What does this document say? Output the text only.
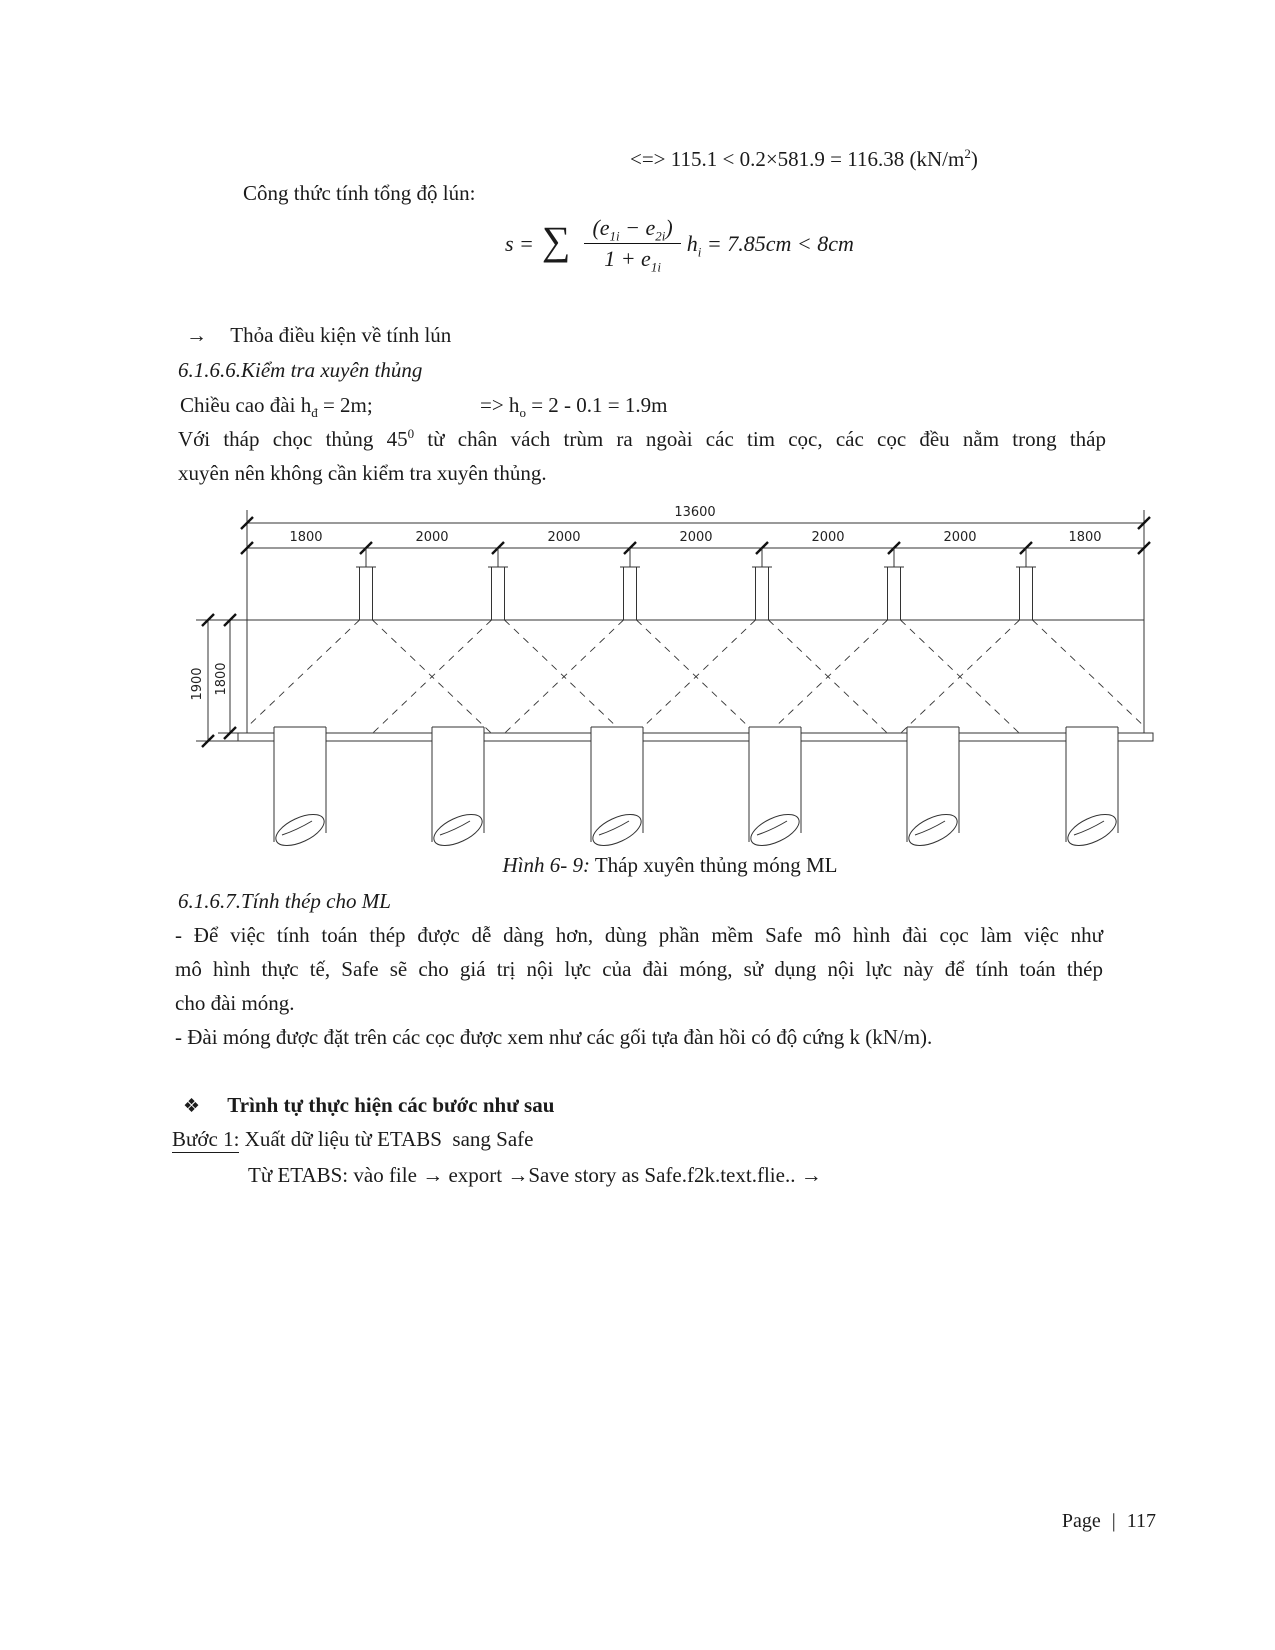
<=> 115.1 < 0.2×581.9 = 116.38 $(kN/m^2)$
Công thức tính tổng độ lún:
s = ∑ $\frac{(e_{1i} - e_{2i})}{1 + e_{1i}} h_i = 7.85cm < 8cm$
→ Thỏa điều kiện về tính lún
6.1.6.6.Kiểm tra xuyên thủng
Chiều cao đài $h_đ = 2m$;	=> $h_o = 2 - 0.1 = 1.9m$
Với tháp chọc thủng $45^0$ từ chân vách trùm ra ngoài các tim cọc, các cọc đều nằm trong tháp
xuyên nên không cần kiểm tra xuyên thủng.
13600
1800	2000	2000	2000	2000	2000	1800
1900 1800
Hình 6- 9: Tháp xuyên thủng móng ML
6.1.6.7.Tính thép cho ML
- Để việc tính toán thép được dễ dàng hơn, dùng phần mềm Safe mô hình đài cọc làm việc như
mô hình thực tế, Safe sẽ cho giá trị nội lực của đài móng, sử dụng nội lực này để tính toán thép
cho đài móng.
- Đài móng được đặt trên các cọc được xem như các gối tựa đàn hồi có độ cứng k (kN/m).
❖ Trình tự thực hiện các bước như sau
Bước 1: Xuất dữ liệu từ ETABS  sang Safe
Từ ETABS: vào file → export →Save story as Safe.f2k.text.flie.. →
Page | 117
